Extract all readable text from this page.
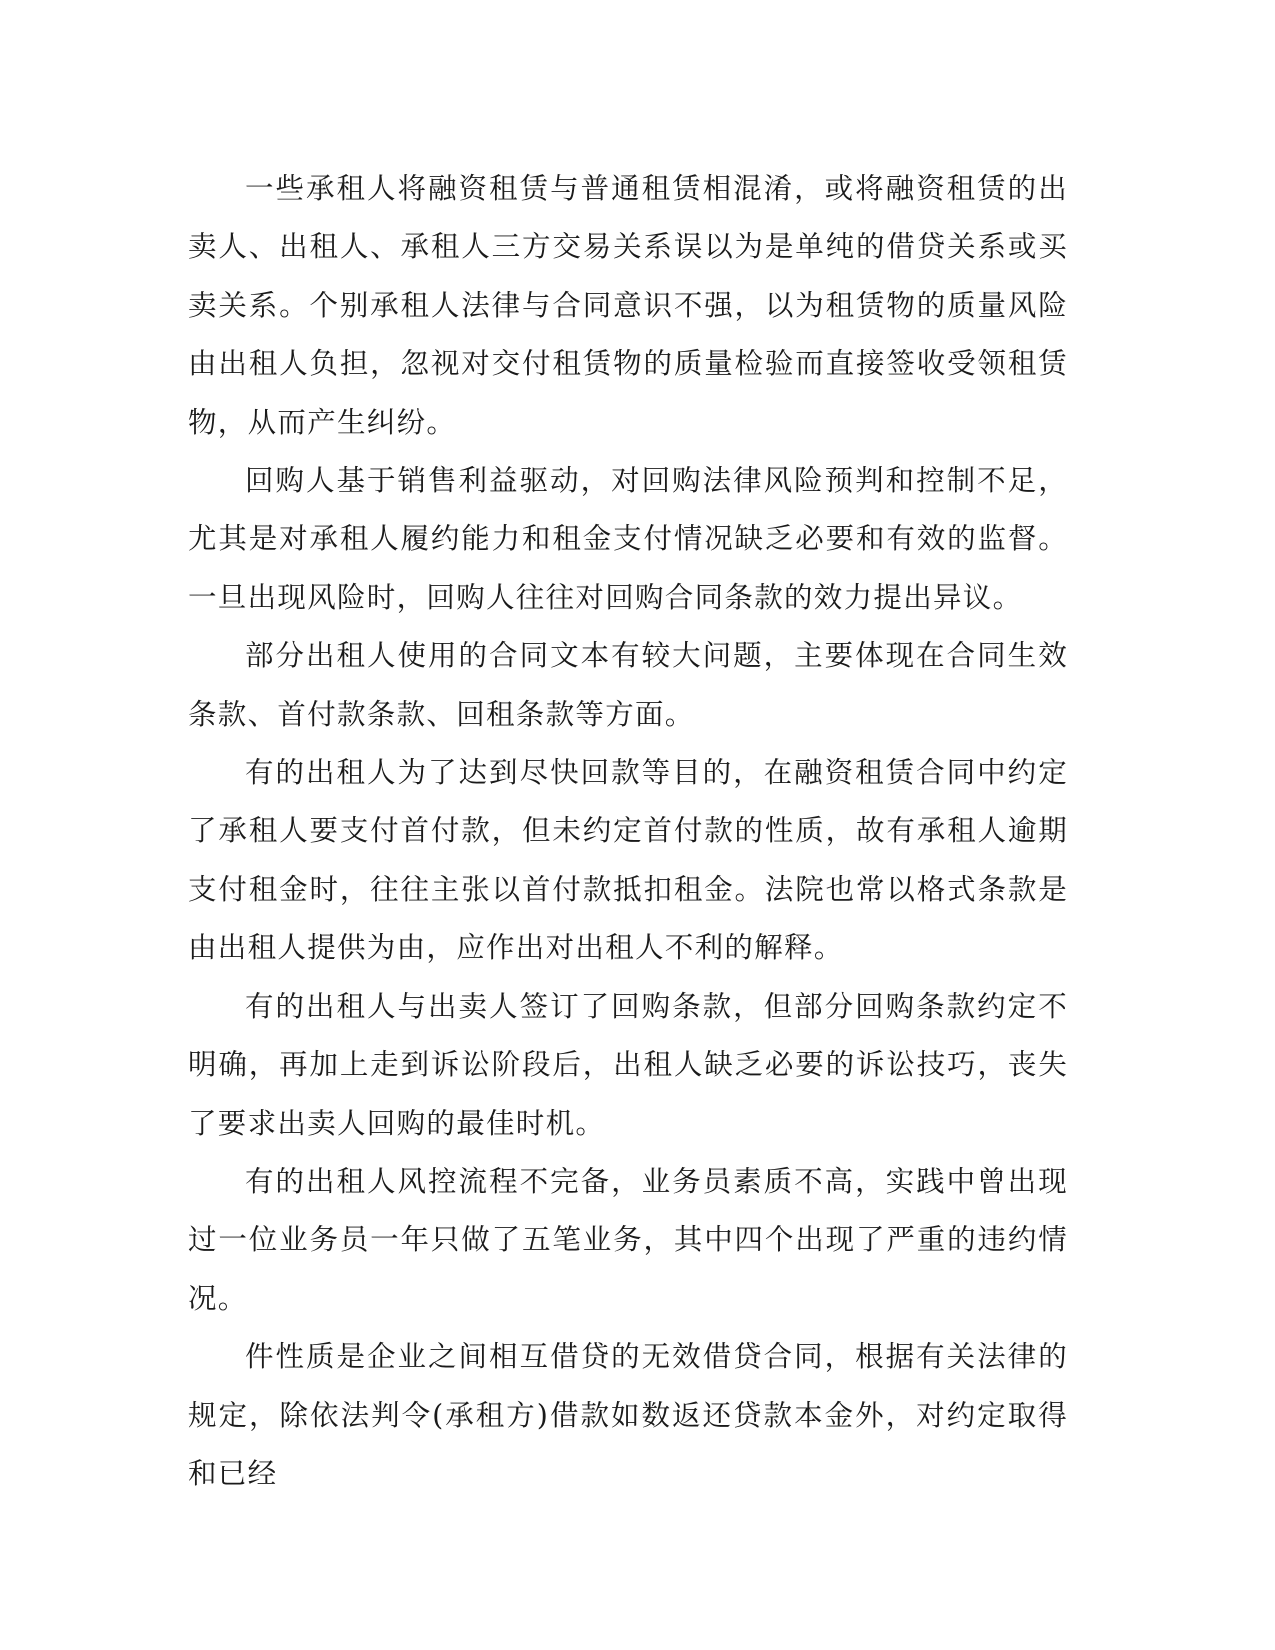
一些承租人将融资租赁与普通租赁相混淆，或将融资租赁的出卖人、出租人、承租人三方交易关系误以为是单纯的借贷关系或买卖关系。个别承租人法律与合同意识不强，以为租赁物的质量风险由出租人负担，忽视对交付租赁物的质量检验而直接签收受领租赁物，从而产生纠纷。

回购人基于销售利益驱动，对回购法律风险预判和控制不足，尤其是对承租人履约能力和租金支付情况缺乏必要和有效的监督。一旦出现风险时，回购人往往对回购合同条款的效力提出异议。

部分出租人使用的合同文本有较大问题，主要体现在合同生效条款、首付款条款、回租条款等方面。

有的出租人为了达到尽快回款等目的，在融资租赁合同中约定了承租人要支付首付款，但未约定首付款的性质，故有承租人逾期支付租金时，往往主张以首付款抵扣租金。法院也常以格式条款是由出租人提供为由，应作出对出租人不利的解释。

有的出租人与出卖人签订了回购条款，但部分回购条款约定不明确，再加上走到诉讼阶段后，出租人缺乏必要的诉讼技巧，丧失了要求出卖人回购的最佳时机。

有的出租人风控流程不完备，业务员素质不高，实践中曾出现过一位业务员一年只做了五笔业务，其中四个出现了严重的违约情况。

件性质是企业之间相互借贷的无效借贷合同，根据有关法律的规定，除依法判令(承租方)借款如数返还贷款本金外，对约定取得和已经
